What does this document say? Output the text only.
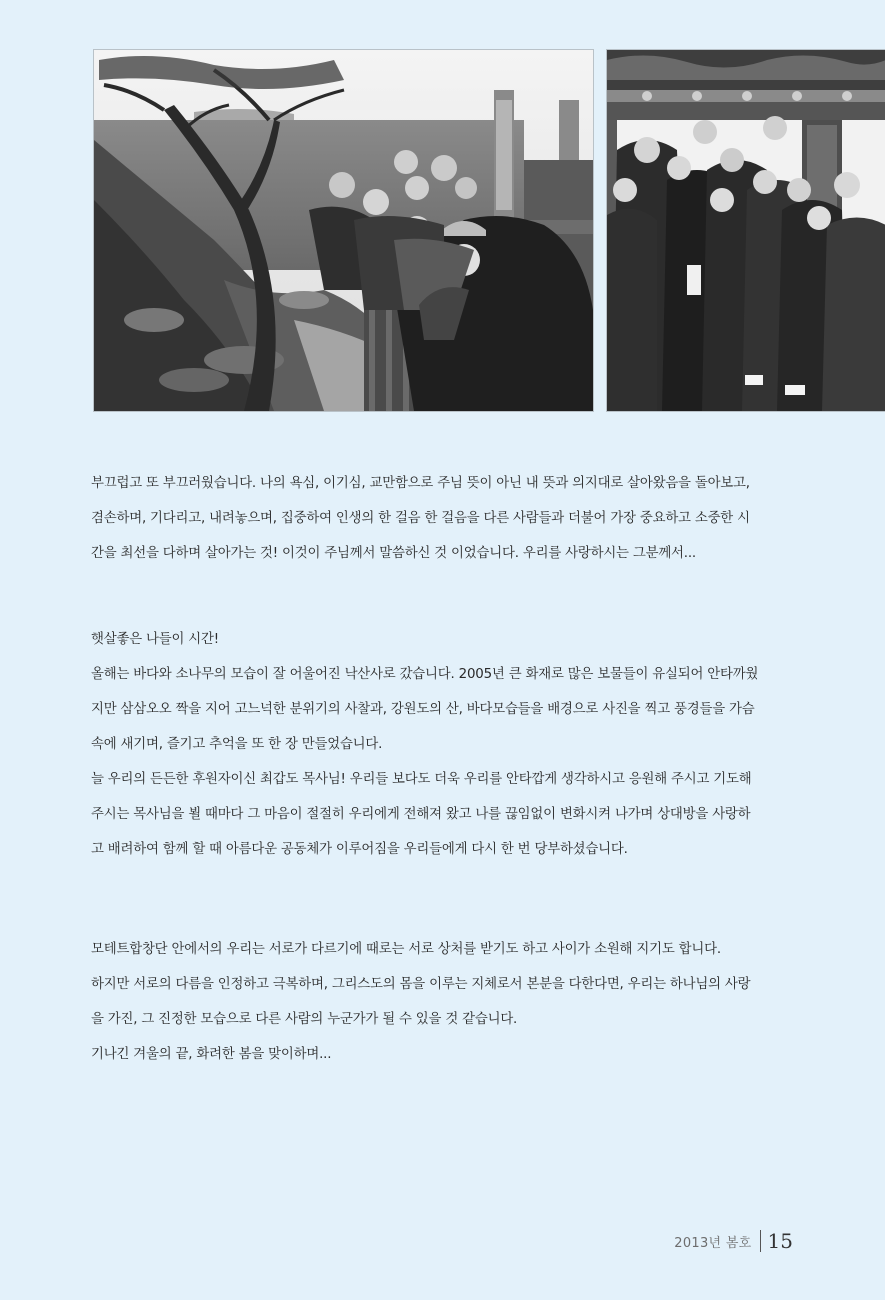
부끄럽고 또 부끄러웠습니다. 나의 욕심, 이기심, 교만함으로 주님 뜻이 아닌 내 뜻과 의지대로 살아왔음을 돌아보고,
겸손하며, 기다리고, 내려놓으며, 집중하여 인생의 한 걸음 한 걸음을 다른 사람들과 더불어 가장 중요하고 소중한 시
간을 최선을 다하며 살아가는 것! 이것이 주님께서 말씀하신 것 이었습니다. 우리를 사랑하시는 그분께서...

햇살좋은 나들이 시간!
올해는 바다와 소나무의 모습이 잘 어울어진 낙산사로 갔습니다. 2005년 큰 화재로 많은 보물들이 유실되어 안타까웠
지만 삼삼오오 짝을 지어 고느넉한 분위기의 사찰과, 강원도의 산, 바다모습들을 배경으로 사진을 찍고 풍경들을 가슴
속에 새기며, 즐기고 추억을 또 한 장 만들었습니다.
늘 우리의 든든한 후원자이신 최갑도 목사님! 우리들 보다도 더욱 우리를 안타깝게 생각하시고 응원해 주시고 기도해
주시는 목사님을 뵐 때마다 그 마음이 절절히 우리에게 전해져 왔고 나를 끊임없이 변화시켜 나가며 상대방을 사랑하
고 배려하여 함께 할 때 아름다운 공동체가 이루어짐을 우리들에게 다시 한 번 당부하셨습니다.

모테트합창단 안에서의 우리는 서로가 다르기에 때로는 서로 상처를 받기도 하고 사이가 소원해 지기도 합니다.
하지만 서로의 다름을 인정하고 극복하며, 그리스도의 몸을 이루는 지체로서 본분을 다한다면, 우리는 하나님의 사랑
을 가진, 그 진정한 모습으로 다른 사람의 누군가가 될 수 있을 것 같습니다.
기나긴 겨울의 끝, 화려한 봄을 맞이하며...

2013년 봄호 15
